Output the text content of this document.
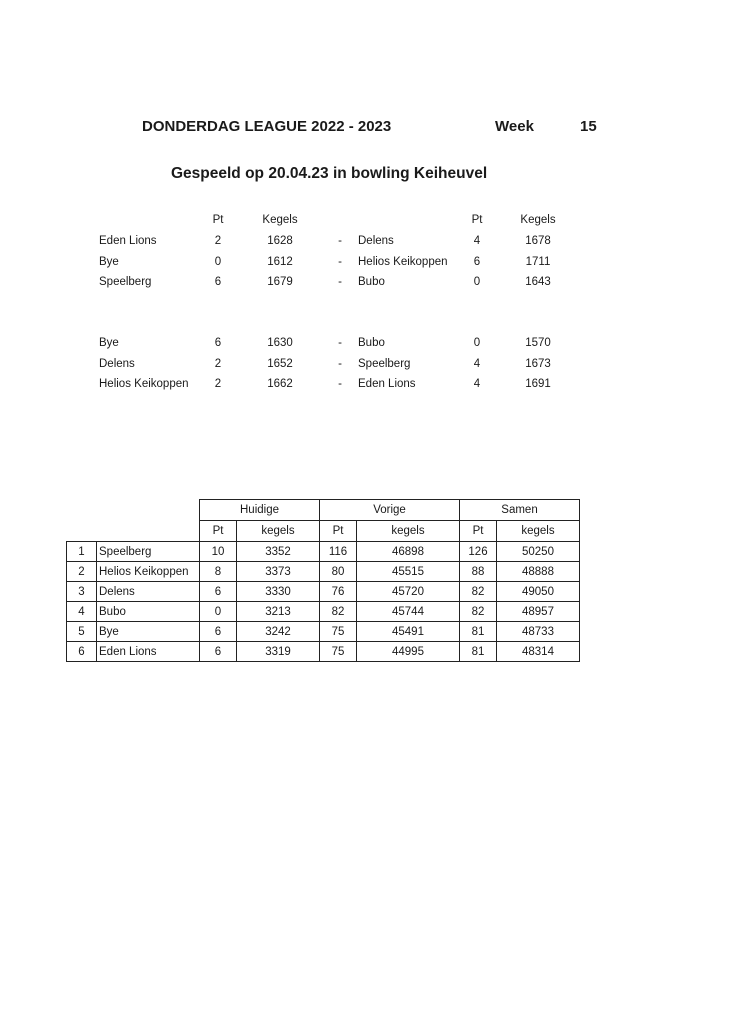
DONDERDAG LEAGUE 2022 - 2023	Week	15
Gespeeld op 20.04.23 in bowling Keiheuvel
Pt	Kegels	Pt	Kegels
Eden Lions	2	1628	- Delens	4	1678
Bye	0	1612	- Helios Keikoppen	6	1711
Speelberg	6	1679	- Bubo	0	1643
Bye	6	1630	- Bubo	0	1570
Delens	2	1652	- Speelberg	4	1673
Helios Keikoppen	2	1662	- Eden Lions	4	1691
		Huidige		Vorige		Samen	
		Pt	kegels	Pt	kegels	Pt	kegels
1	Speelberg	10	3352	116	46898	126	50250
2	Helios Keikoppen	8	3373	80	45515	88	48888
3	Delens	6	3330	76	45720	82	49050
4	Bubo	0	3213	82	45744	82	48957
5	Bye	6	3242	75	45491	81	48733
6	Eden Lions	6	3319	75	44995	81	48314
